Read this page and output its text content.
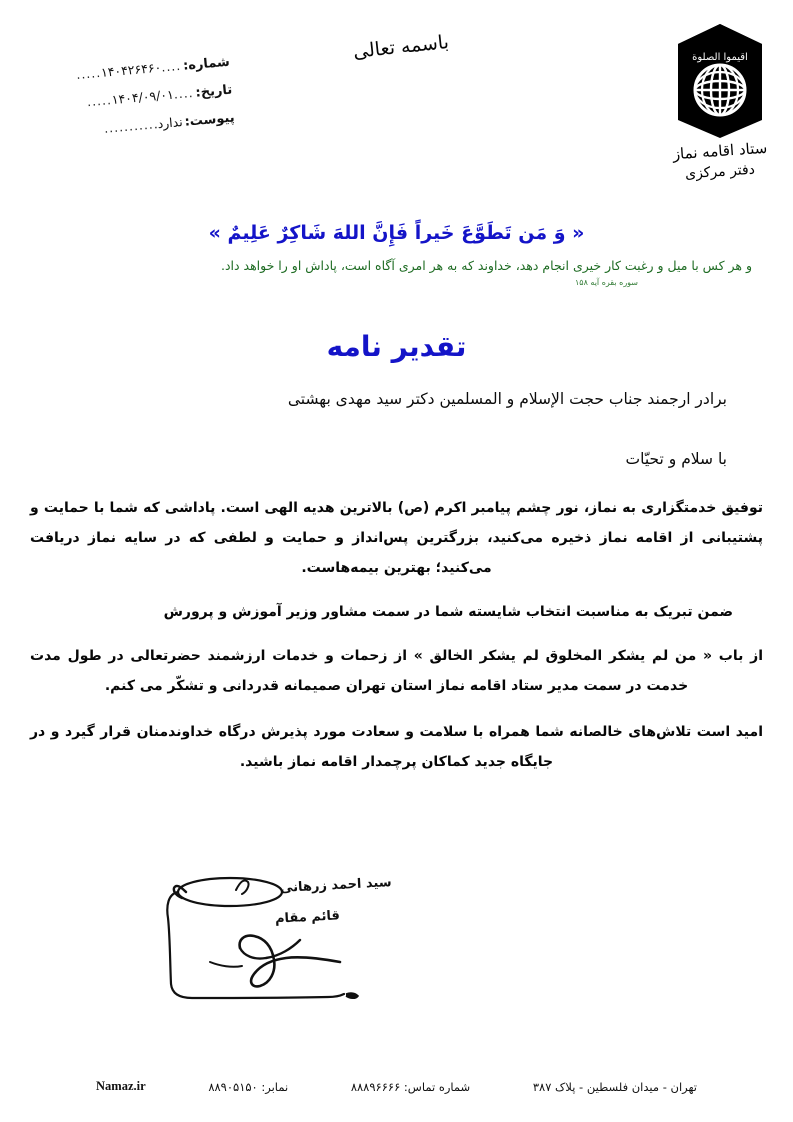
باسمه تعالی
شماره:
....
۱۴۰۴۲۶۴۶۰
.....
تاریخ:
....
۱۴۰۴/۰۹/۰۱
.....
پیوست:
ندارد.
..........
اقیموا الصلوة
ستاد اقامه نماز
دفتر مرکزی
« وَ مَن تَطَوَّعَ خَیراً فَإِنَّ اللهَ شَاكِرٌ عَلِیمٌ »
و هر کس با میل و رغبت کار خیری انجام دهد، خداوند که به هر امری آگاه است، پاداش او را خواهد داد.
سوره بقره آیه ۱۵۸
تقدیر نامه

برادر ارجمند جناب حجت الإسلام و المسلمین دکتر سید مهدی بهشتی

با سلام و تحیّات

توفیق خدمتگزاری به نماز، نور چشم پیامبر اکرم (ص) بالاترین هدیه الهی است. پاداشی که شما با حمایت و پشتیبانی از اقامه نماز ذخیره می‌کنید، بزرگترین پس‌انداز و حمایت و لطفی که در سایه نماز دریافت می‌کنید؛ بهترین بیمه‌هاست.

ضمن تبریک به مناسبت انتخاب شایسته شما در سمت مشاور وزیر آموزش و پرورش

از باب « من لم یشکر المخلوق لم یشکر الخالق » از زحمات و خدمات ارزشمند حضرتعالی در طول مدت خدمت در سمت مدیر ستاد اقامه نماز استان تهران صمیمانه قدردانی و تشکّر می کنم.

امید است تلاش‌های خالصانه شما همراه با سلامت و سعادت مورد پذیرش درگاه خداوندمنان قرار گیرد و در جایگاه جدید کماکان پرچمدار اقامه نماز باشید.

سید احمد زرهانی
قائم مقام
تهران - میدان فلسطین - پلاک ۳۸۷
شماره تماس: ۸۸۸۹۶۶۶۶
نمابر: ۸۸۹۰۵۱۵۰
Namaz.ir
